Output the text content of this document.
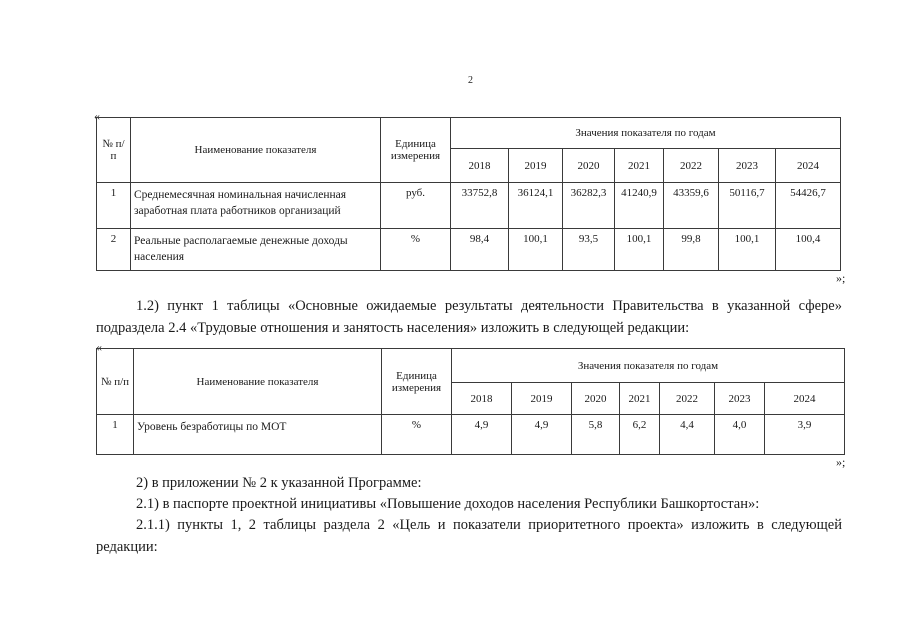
2
«
№ п/п	Наименование показателя	Единица измерения	Значения показателя по годам						
			2018	2019	2020	2021	2022	2023	2024
1	Среднемесячная номинальная начисленная заработная плата работников организаций	руб.	33752,8	36124,1	36282,3	41240,9	43359,6	50116,7	54426,7
2	Реальные располагаемые денежные доходы населения	%	98,4	100,1	93,5	100,1	99,8	100,1	100,4
»;
1.2) пункт 1 таблицы «Основные ожидаемые результаты деятельности Правительства в указанной сфере» подраздела 2.4 «Трудовые отношения и занятость населения» изложить в следующей редакции:
«
№ п/п	Наименование показателя	Единица измерения	Значения показателя по годам						
			2018	2019	2020	2021	2022	2023	2024
1	Уровень безработицы по МОТ	%	4,9	4,9	5,8	6,2	4,4	4,0	3,9
»;
2) в приложении № 2 к указанной Программе:
2.1) в паспорте проектной инициативы «Повышение доходов населения Республики Башкортостан»:
2.1.1) пункты 1, 2 таблицы раздела 2 «Цель и показатели приоритетного проекта» изложить в следующей редакции:
